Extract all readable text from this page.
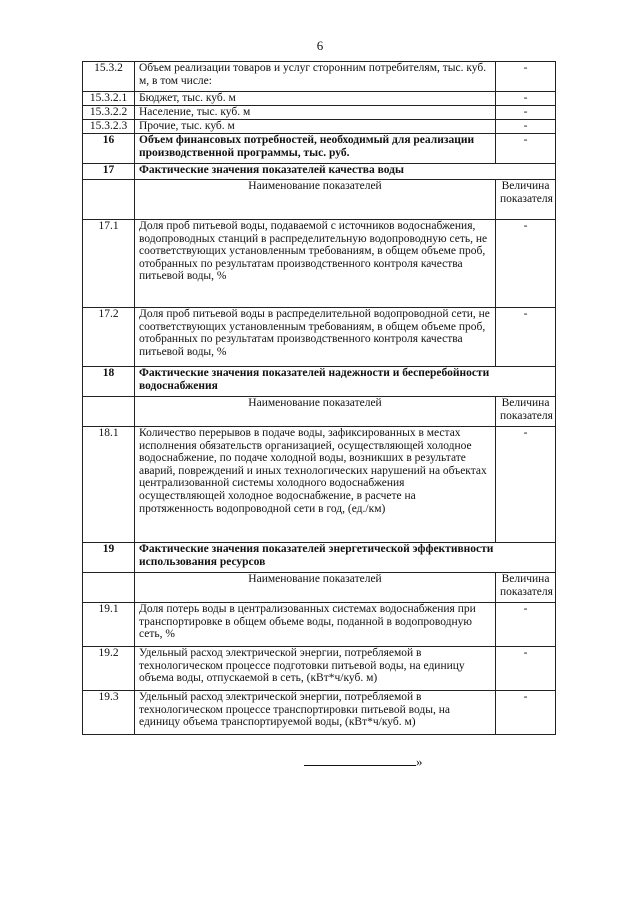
6
15.3.2	Объем реализации товаров и услуг сторонним потребителям, тыс. куб. м, в том числе:	-
15.3.2.1	Бюджет, тыс. куб. м	-
15.3.2.2	Население, тыс. куб. м	-
15.3.2.3	Прочие, тыс. куб. м	-
16	Объем финансовых потребностей, необходимый для реализации производственной программы, тыс. руб.	-
17	Фактические значения показателей качества воды	
	Наименование показателей	Величина показателя
17.1	Доля проб питьевой воды, подаваемой с источников водоснабжения, водопроводных станций в распределительную водопроводную сеть, не соответствующих установленным требованиям, в общем объеме проб, отобранных по результатам производственного контроля качества питьевой воды, %	-
17.2	Доля проб питьевой воды в распределительной водопроводной сети, не соответствующих установленным требованиям, в общем объеме проб, отобранных по результатам производственного контроля качества питьевой воды, %	-
18	Фактические значения показателей надежности и бесперебойности водоснабжения	
	Наименование показателей	Величина показателя
18.1	Количество перерывов в подаче воды, зафиксированных в местах исполнения обязательств организацией, осуществляющей холодное водоснабжение, по подаче холодной воды, возникших в результате аварий, повреждений и иных технологических нарушений на объектах централизованной системы холодного водоснабжения осуществляющей холодное водоснабжение, в расчете на протяженность водопроводной сети в год, (ед./км)	-
19	Фактические значения показателей энергетической эффективности использования ресурсов	
	Наименование показателей	Величина показателя
19.1	Доля потерь воды в централизованных системах водоснабжения при транспортировке в общем объеме воды, поданной в водопроводную сеть, %	-
19.2	Удельный расход электрической энергии, потребляемой в технологическом процессе подготовки питьевой воды, на единицу объема воды, отпускаемой в сеть, (кВт*ч/куб. м)	-
19.3	Удельный расход электрической энергии, потребляемой в технологическом процессе транспортировки питьевой воды, на единицу объема транспортируемой воды, (кВт*ч/куб. м)	-
»
